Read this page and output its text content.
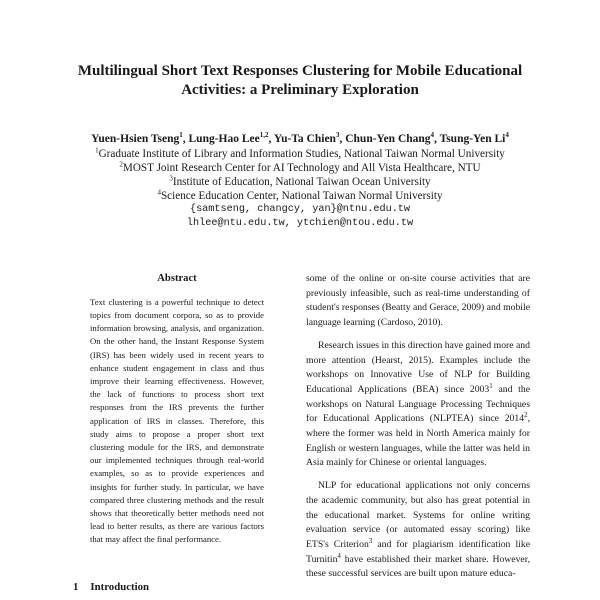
Multilingual Short Text Responses Clustering for Mobile Educational
Activities: a Preliminary Exploration
Yuen-Hsien Tseng$^1$, Lung-Hao Lee$^{1,2}$, Yu-Ta Chien$^3$, Chun-Yen Chang$^4$, Tsung-Yen Li$^4$
$^1$Graduate Institute of Library and Information Studies, National Taiwan Normal University
$^2$MOST Joint Research Center for AI Technology and All Vista Healthcare, NTU
$^3$Institute of Education, National Taiwan Ocean University
$^4$Science Education Center, National Taiwan Normal University
{samtseng, changcy, yan}@ntnu.edu.tw
lhlee@ntu.edu.tw, ytchien@ntou.edu.tw
Abstract

Text clustering is a powerful technique to detect topics from document corpora, so as to provide information browsing, analysis, and organization. On the other hand, the Instant Response System (IRS) has been widely used in recent years to enhance student engagement in class and thus improve their learning effectiveness. However, the lack of functions to process short text responses from the IRS prevents the further application of IRS in classes. Therefore, this study aims to propose a proper short text clustering module for the IRS, and demonstrate our implemented techniques through real-world examples, so as to provide experiences and insights for further study. In particular, we have compared three clustering methods and the result shows that theoretically better methods need not lead to better results, as there are various factors that may affect the final performance.

1 Introduction

some of the online or on-site course activities that are previously infeasible, such as real-time understanding of student's responses (Beatty and Gerace, 2009) and mobile language learning (Cardoso, 2010).

Research issues in this direction have gained more and more attention (Hearst, 2015). Examples include the workshops on Innovative Use of NLP for Building Educational Applications (BEA) since 2003$^1$ and the workshops on Natural Language Processing Techniques for Educational Applications (NLPTEA) since 2014$^2$, where the former was held in North America mainly for English or western languages, while the latter was held in Asia mainly for Chinese or oriental languages.

NLP for educational applications not only concerns the academic community, but also has great potential in the educational market. Systems for online writing evaluation service (or automated essay scoring) like ETS's Criterion$^3$ and for plagiarism identification like Turnitin$^4$ have established their market share. However, these successful services are built upon mature educa-
